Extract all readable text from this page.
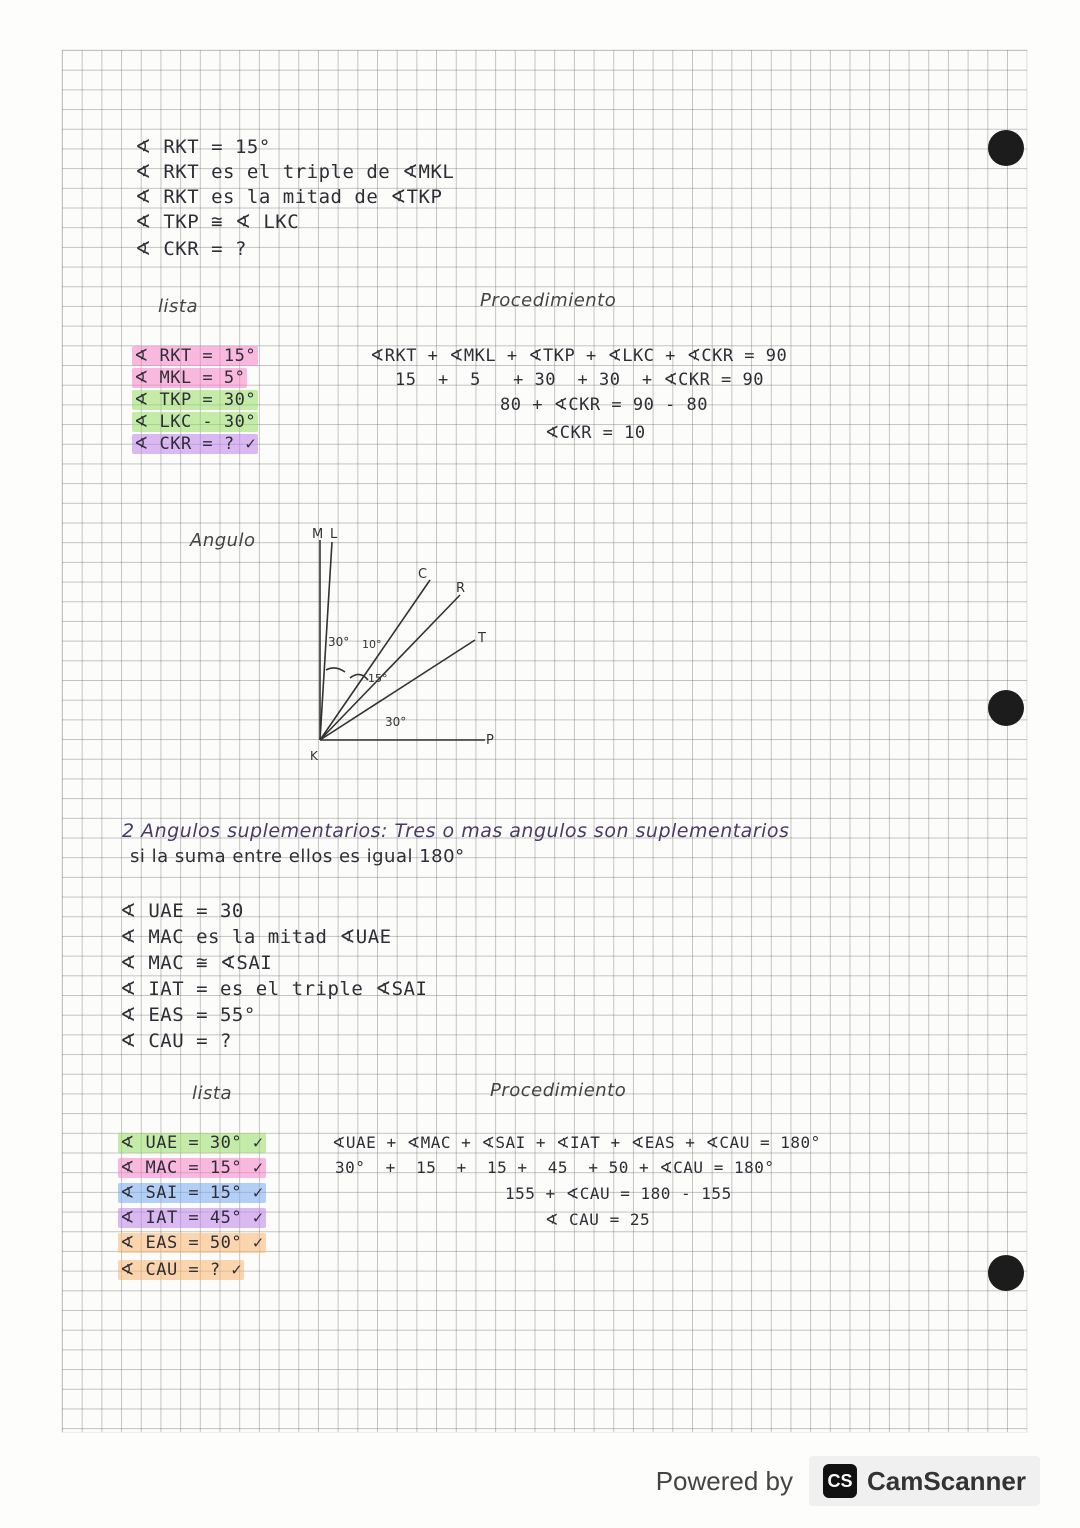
∢ RKT = 15°
∢ RKT es el triple de ∢MKL
∢ RKT es la mitad de ∢TKP
∢ TKP ≅ ∢ LKC
∢ CKR = ?
lista	Procedimiento
∢ RKT = 15°
∢ MKL = 5°
∢ TKP = 30°
∢ LKC - 30°
∢ CKR = ? ✓
∢RKT + ∢MKL + ∢TKP + ∢LKC + ∢CKR = 90
15  +  5   + 30  + 30  + ∢CKR = 90
80 + ∢CKR = 90 - 80
∢CKR = 10
Angulo	M L
C
R
T
P
K
30° 10°
15°
30°
2 Angulos suplementarios: Tres o mas angulos son suplementarios
si la suma entre ellos es igual 180°
∢ UAE = 30
∢ MAC es la mitad ∢UAE
∢ MAC ≅ ∢SAI
∢ IAT = es el triple ∢SAI
∢ EAS = 55°
∢ CAU = ?
lista	Procedimiento
∢ UAE = 30° ✓
∢ MAC = 15° ✓
∢ SAI = 15° ✓
∢ IAT = 45° ✓
∢ EAS = 50° ✓
∢ CAU = ? ✓
∢UAE + ∢MAC + ∢SAI + ∢IAT + ∢EAS + ∢CAU = 180°
30°  +  15  +  15 +  45  + 50 + ∢CAU = 180°
155 + ∢CAU = 180 - 155
∢ CAU = 25
Powered by CS CamScanner
